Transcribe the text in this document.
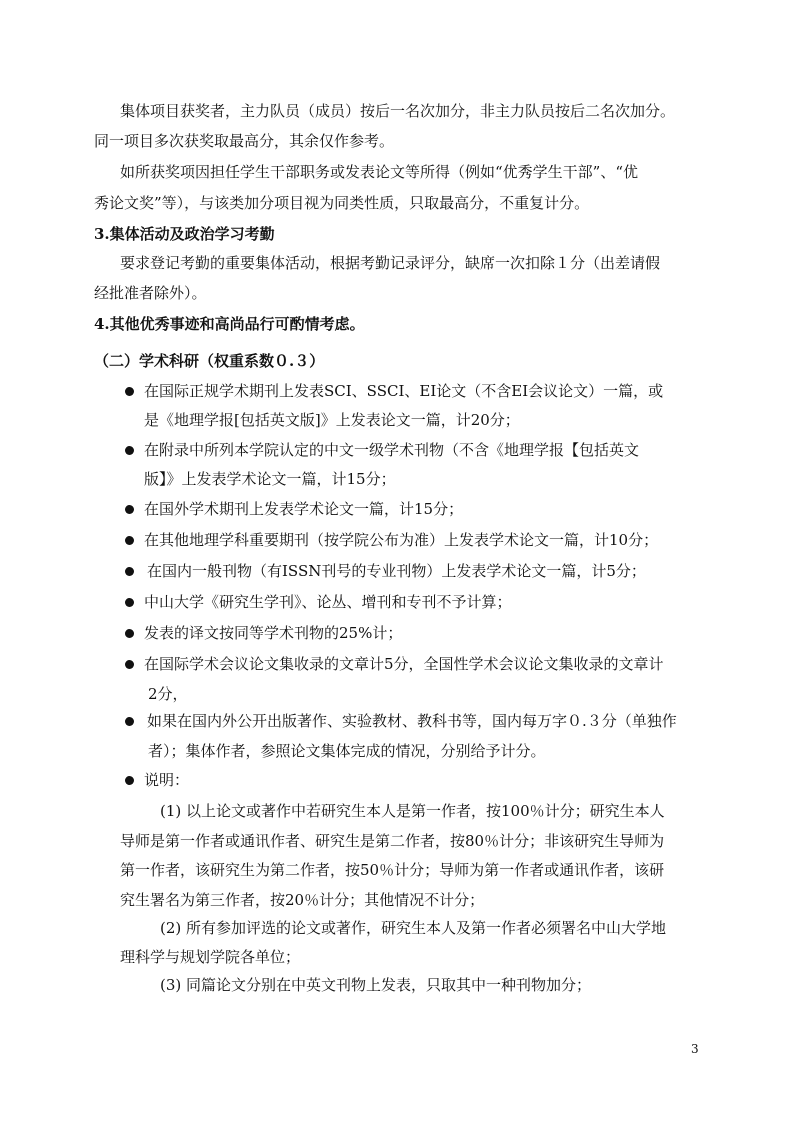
集体项目获奖者，主力队员（成员）按后一名次加分，非主力队员按后二名次加分。
同一项目多次获奖取最高分，其余仅作参考。
如所获奖项因担任学生干部职务或发表论文等所得（例如“优秀学生干部”、“优
秀论文奖”等），与该类加分项目视为同类性质，只取最高分，不重复计分。
3.集体活动及政治学习考勤
要求登记考勤的重要集体活动，根据考勤记录评分，缺席一次扣除１分（出差请假
经批准者除外）。
4.其他优秀事迹和高尚品行可酌情考虑。
（二）学术科研（权重系数０.３）
在国际正规学术期刊上发表SCI、SSCI、EI论文（不含EI会议论文）一篇，或
是《地理学报[包括英文版]》上发表论文一篇，计20分；
在附录中所列本学院认定的中文一级学术刊物（不含《地理学报【包括英文
版】》上发表学术论文一篇，计15分；
在国外学术期刊上发表学术论文一篇，计15分；
在其他地理学科重要期刊（按学院公布为准）上发表学术论文一篇，计10分；
在国内一般刊物（有ISSN刊号的专业刊物）上发表学术论文一篇，计5分；
中山大学《研究生学刊》、论丛、增刊和专刊不予计算；
发表的译文按同等学术刊物的25%计；
在国际学术会议论文集收录的文章计5分，全国性学术会议论文集收录的文章计
2分，
如果在国内外公开出版著作、实验教材、教科书等，国内每万字０.３分（单独作
者）；集体作者，参照论文集体完成的情况，分别给予计分。
说明：
(1) 以上论文或著作中若研究生本人是第一作者，按100％计分；研究生本人
导师是第一作者或通讯作者、研究生是第二作者，按80％计分；非该研究生导师为
第一作者，该研究生为第二作者，按50％计分；导师为第一作者或通讯作者，该研
究生署名为第三作者，按20％计分；其他情况不计分；
(2) 所有参加评选的论文或著作，研究生本人及第一作者必须署名中山大学地
理科学与规划学院各单位；
(3) 同篇论文分别在中英文刊物上发表，只取其中一种刊物加分；
3
